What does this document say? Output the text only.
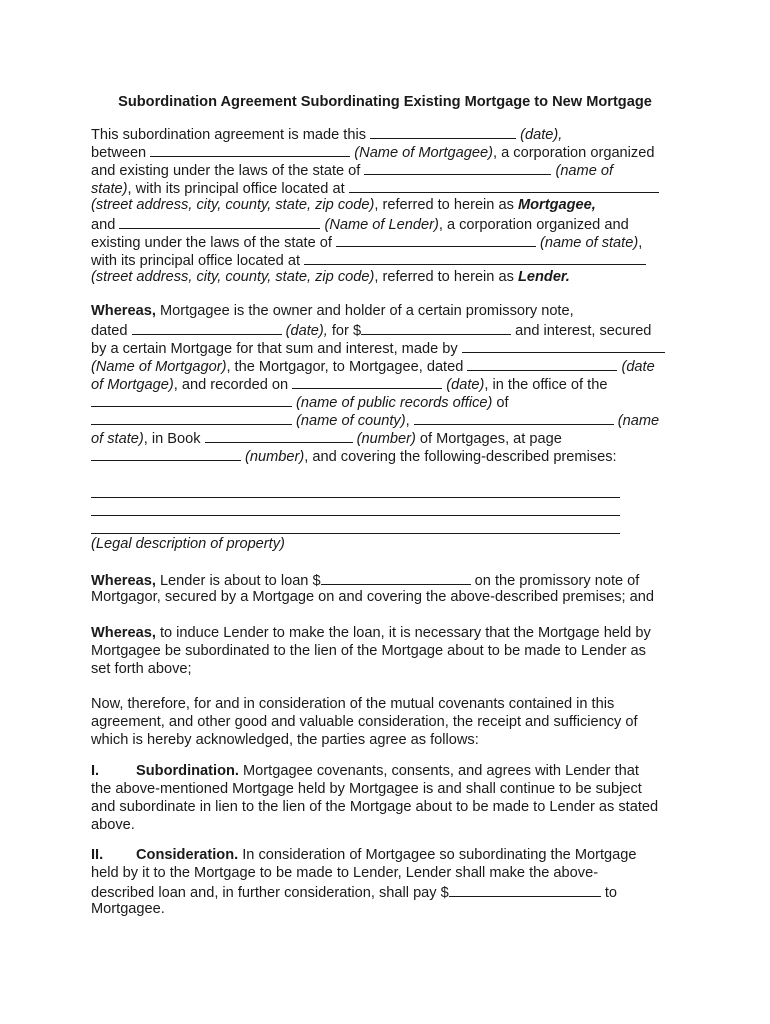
Subordination Agreement Subordinating Existing Mortgage to New Mortgage
This subordination agreement is made this	(date),
between	(Name of Mortgagee), a corporation organized
and existing under the laws of the state of	(name of
state), with its principal office located at
(street address, city, county, state, zip code), referred to herein as Mortgagee,
and	(Name of Lender), a corporation organized and
existing under the laws of the state of	(name of state),
with its principal office located at
(street address, city, county, state, zip code), referred to herein as Lender.
Whereas, Mortgagee is the owner and holder of a certain promissory note,
dated	(date), for $	and interest, secured
by a certain Mortgage for that sum and interest, made by
(Name of Mortgagor), the Mortgagor, to Mortgagee, dated	(date
of Mortgage), and recorded on	(date), in the office of the
(name of public records office) of
(name of county),	(name
of state), in Book	(number) of Mortgages, at page
(number), and covering the following-described premises:
(Legal description of property)
Whereas, Lender is about to loan $	on the promissory note of
Mortgagor, secured by a Mortgage on and covering the above-described premises; and
Whereas, to induce Lender to make the loan, it is necessary that the Mortgage held by
Mortgagee be subordinated to the lien of the Mortgage about to be made to Lender as
set forth above;
Now, therefore, for and in consideration of the mutual covenants contained in this
agreement, and other good and valuable consideration, the receipt and sufficiency of
which is hereby acknowledged, the parties agree as follows:
I.	Subordination. Mortgagee covenants, consents, and agrees with Lender that
the above-mentioned Mortgage held by Mortgagee is and shall continue to be subject
and subordinate in lien to the lien of the Mortgage about to be made to Lender as stated
above.
II. Consideration. In consideration of Mortgagee so subordinating the Mortgage
held by it to the Mortgage to be made to Lender, Lender shall make the above-
described loan and, in further consideration, shall pay $	to
Mortgagee.
